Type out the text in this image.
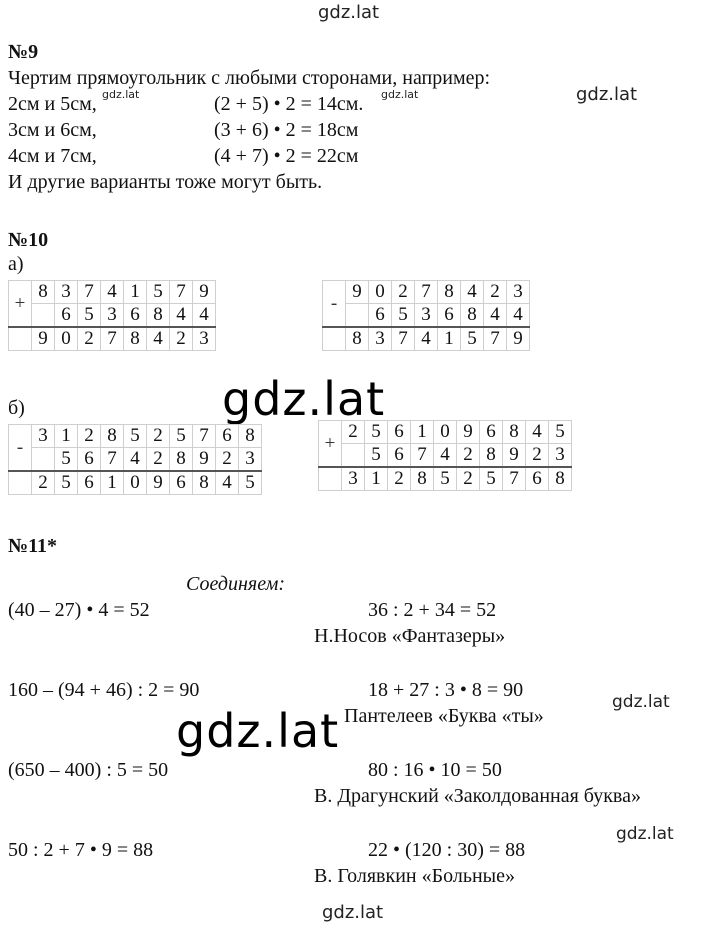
gdz.lat
gdz.lat
gdz.lat
gdz.lat
gdz.lat
gdz.lat
gdz.lat
№9
Чертим прямоугольник с любыми сторонами, например:
2см и 5см, gdz.lat	(2 + 5) • 2 = 14см. gdz.lat
3см и 6см,	(3 + 6) • 2 = 18см
4см и 7см,	(4 + 7) • 2 = 22см
И другие варианты тоже могут быть.
№10
а)
+	8	3	7	4	1	5	7	9
		6	5	3	6	8	4	4
	9	0	2	7	8	4	2	3
-	9	0	2	7	8	4	2	3
		6	5	3	6	8	4	4
	8	3	7	4	1	5	7	9
б)
-	3	1	2	8	5	2	5	7	6	8
		5	6	7	4	2	8	9	2	3
	2	5	6	1	0	9	6	8	4	5
+	2	5	6	1	0	9	6	8	4	5
		5	6	7	4	2	8	9	2	3
	3	1	2	8	5	2	5	7	6	8
№11*
Соединяем:
(40 – 27) • 4 = 52	36 : 2 + 34 = 52
Н.Носов «Фантазеры»
160 – (94 + 46) : 2 = 90	18 + 27 : 3 • 8 = 90
Пантелеев «Буква «ты»
(650 – 400) : 5 = 50	80 : 16 • 10 = 50
В. Драгунский «Заколдованная буква»
50 : 2 + 7 • 9 = 88	22 • (120 : 30) = 88
В. Голявкин «Больные»
